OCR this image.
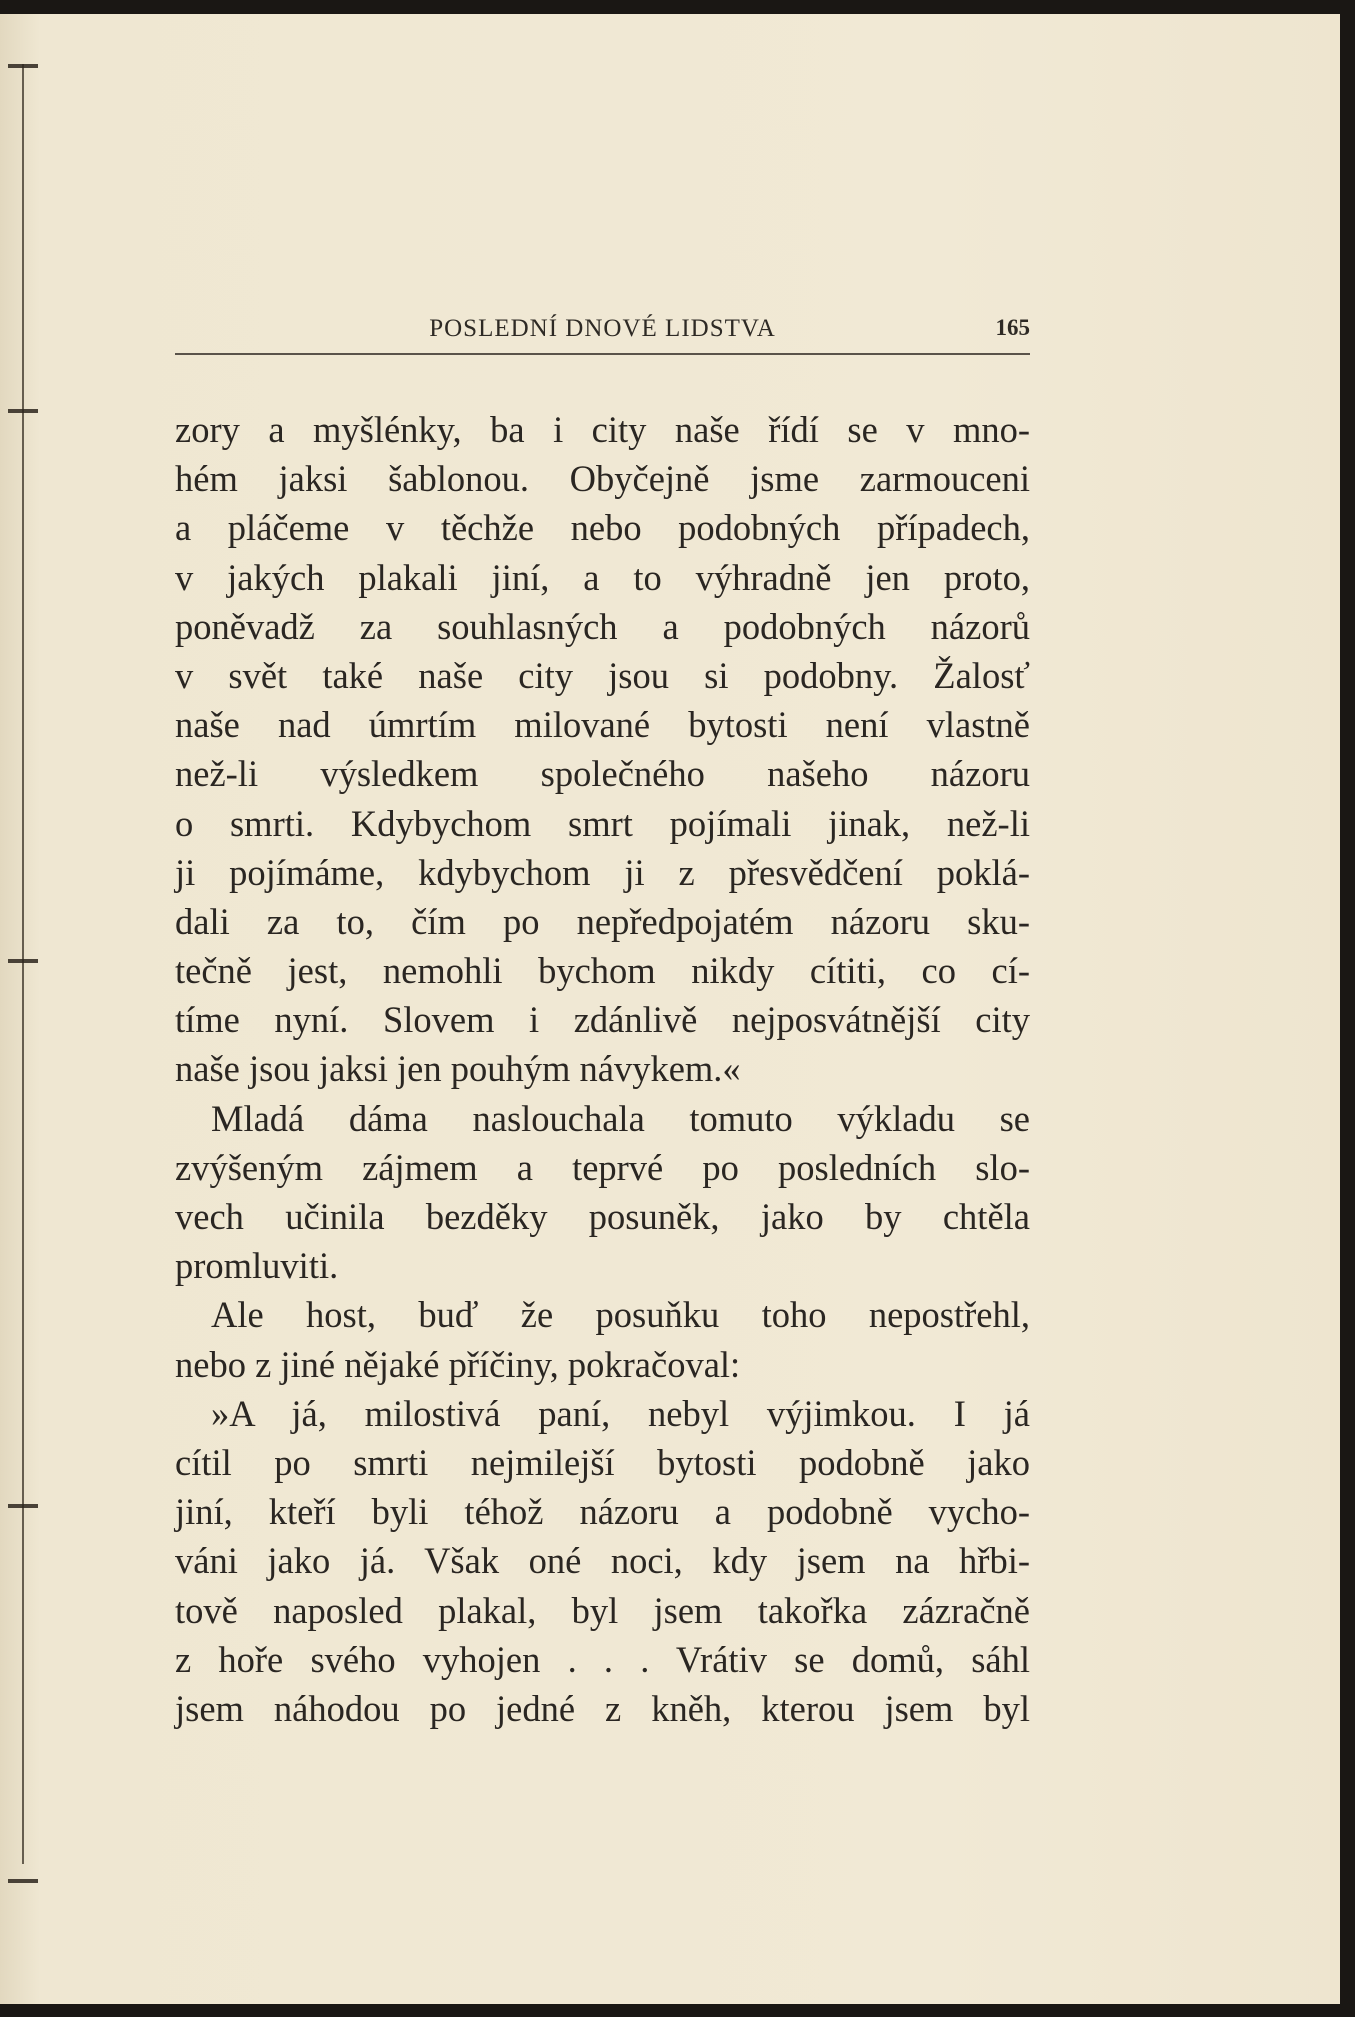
POSLEDNÍ DNOVÉ LIDSTVA	165
zory a myšlénky, ba i city naše řídí se v mno-
hém jaksi šablonou. Obyčejně jsme zarmouceni
a pláčeme v těchže nebo podobných případech,
v jakých plakali jiní, a to výhradně jen proto,
poněvadž za souhlasných a podobných názorů
v svět také naše city jsou si podobny. Žalosť
naše nad úmrtím milované bytosti není vlastně
než-li výsledkem společného našeho názoru
o smrti. Kdybychom smrt pojímali jinak, než-li
ji pojímáme, kdybychom ji z přesvědčení poklá-
dali za to, čím po nepředpojatém názoru sku-
tečně jest, nemohli bychom nikdy cítiti, co cí-
tíme nyní. Slovem i zdánlivě nejposvátnější city
naše jsou jaksi jen pouhým návykem.«
Mladá dáma naslouchala tomuto výkladu se
zvýšeným zájmem a teprvé po posledních slo-
vech učinila bezděky posuněk, jako by chtěla
promluviti.
Ale host, buď že posuňku toho nepostřehl,
nebo z jiné nějaké příčiny, pokračoval:
»A já, milostivá paní, nebyl výjimkou. I já
cítil po smrti nejmilejší bytosti podobně jako
jiní, kteří byli téhož názoru a podobně vycho-
váni jako já. Však oné noci, kdy jsem na hřbi-
tově naposled plakal, byl jsem takořka zázračně
z hoře svého vyhojen . . . Vrátiv se domů, sáhl
jsem náhodou po jedné z kněh, kterou jsem byl
